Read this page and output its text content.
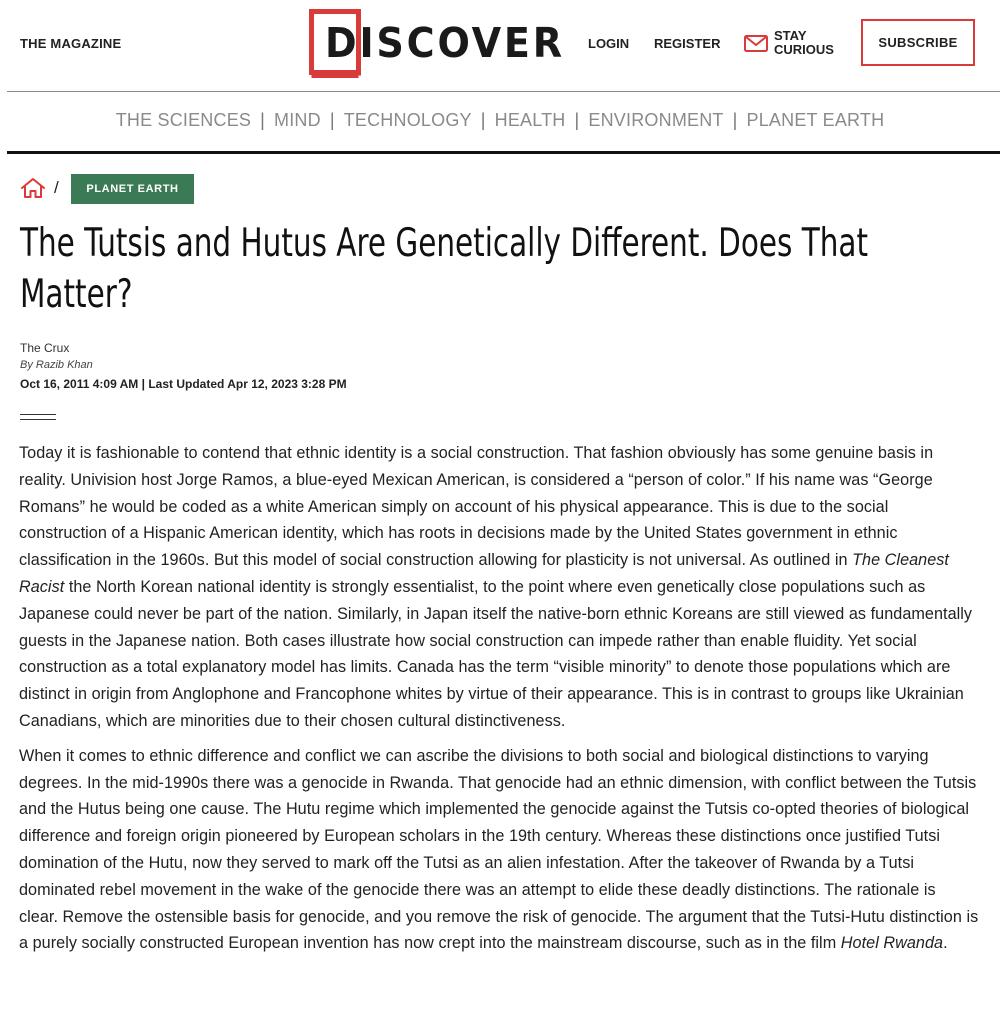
THE MAGAZINE	DISCOVER LOGIN REGISTER
STAY
CURIOUS	SUBSCRIBE
THE SCIENCES | MIND | TECHNOLOGY | HEALTH | ENVIRONMENT | PLANET EARTH
/	PLANET EARTH
The Tutsis and Hutus Are Genetically Different. Does That Matter?
The Crux
By Razib Khan
Oct 16, 2011 4:09 AM | Last Updated Apr 12, 2023 3:28 PM

Today it is fashionable to contend that ethnic identity is a social construction. That fashion obviously has some genuine basis in reality. Univision host Jorge Ramos, a blue-eyed Mexican American, is considered a “person of color.” If his name was “George Romans” he would be coded as a white American simply on account of his physical appearance. This is due to the social construction of a Hispanic American identity, which has roots in decisions made by the United States government in ethnic classification in the 1960s. But this model of social construction allowing for plasticity is not universal. As outlined in The Cleanest Racist the North Korean national identity is strongly essentialist, to the point where even genetically close populations such as Japanese could never be part of the nation. Similarly, in Japan itself the native-born ethnic Koreans are still viewed as fundamentally guests in the Japanese nation. Both cases illustrate how social construction can impede rather than enable fluidity. Yet social construction as a total explanatory model has limits. Canada has the term “visible minority” to denote those populations which are distinct in origin from Anglophone and Francophone whites by virtue of their appearance. This is in contrast to groups like Ukrainian Canadians, which are minorities due to their chosen cultural distinctiveness.

When it comes to ethnic difference and conflict we can ascribe the divisions to both social and biological distinctions to varying degrees. In the mid-1990s there was a genocide in Rwanda. That genocide had an ethnic dimension, with conflict between the Tutsis and the Hutus being one cause. The Hutu regime which implemented the genocide against the Tutsis co-opted theories of biological difference and foreign origin pioneered by European scholars in the 19th century. Whereas these distinctions once justified Tutsi domination of the Hutu, now they served to mark off the Tutsi as an alien infestation. After the takeover of Rwanda by a Tutsi dominated rebel movement in the wake of the genocide there was an attempt to elide these deadly distinctions. The rationale is clear. Remove the ostensible basis for genocide, and you remove the risk of genocide. The argument that the Tutsi-Hutu distinction is a purely socially constructed European invention has now crept into the mainstream discourse, such as in the film Hotel Rwanda.
